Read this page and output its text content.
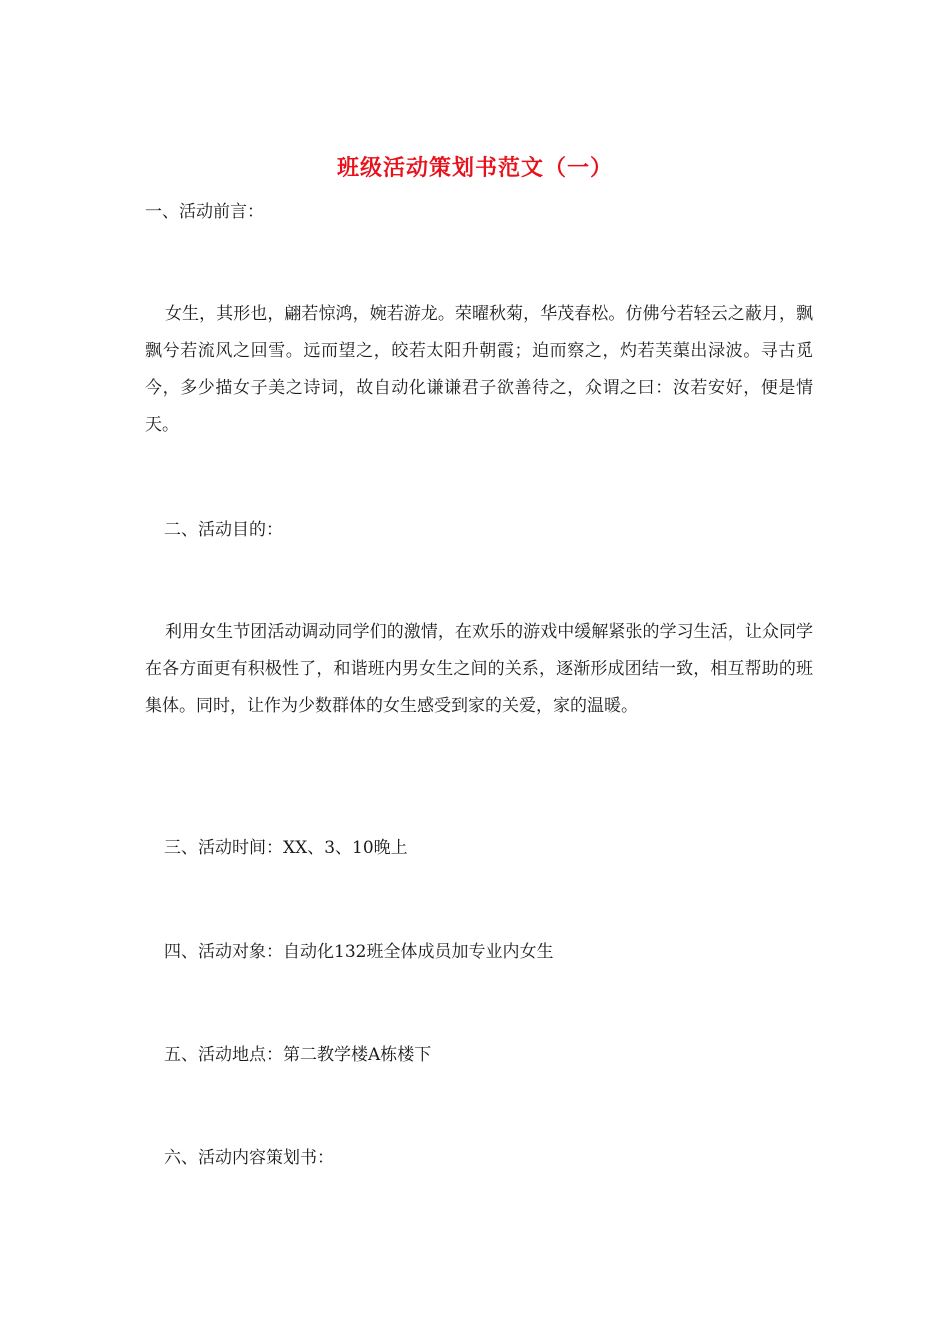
班级活动策划书范文（一）
一、活动前言：
女生，其形也，翩若惊鸿，婉若游龙。荣曜秋菊，华茂春松。仿佛兮若轻云之蔽月，飘飘兮若流风之回雪。远而望之，皎若太阳升朝霞；迫而察之，灼若芙蕖出渌波。寻古觅今，多少描女子美之诗词，故自动化谦谦君子欲善待之，众谓之曰：汝若安好，便是情天。
二、活动目的：
利用女生节团活动调动同学们的激情，在欢乐的游戏中缓解紧张的学习生活，让众同学在各方面更有积极性了，和谐班内男女生之间的关系，逐渐形成团结一致，相互帮助的班集体。同时，让作为少数群体的女生感受到家的关爱，家的温暖。
三、活动时间：XX、3、10晚上
四、活动对象：自动化132班全体成员加专业内女生
五、活动地点：第二教学楼A栋楼下
六、活动内容策划书：
